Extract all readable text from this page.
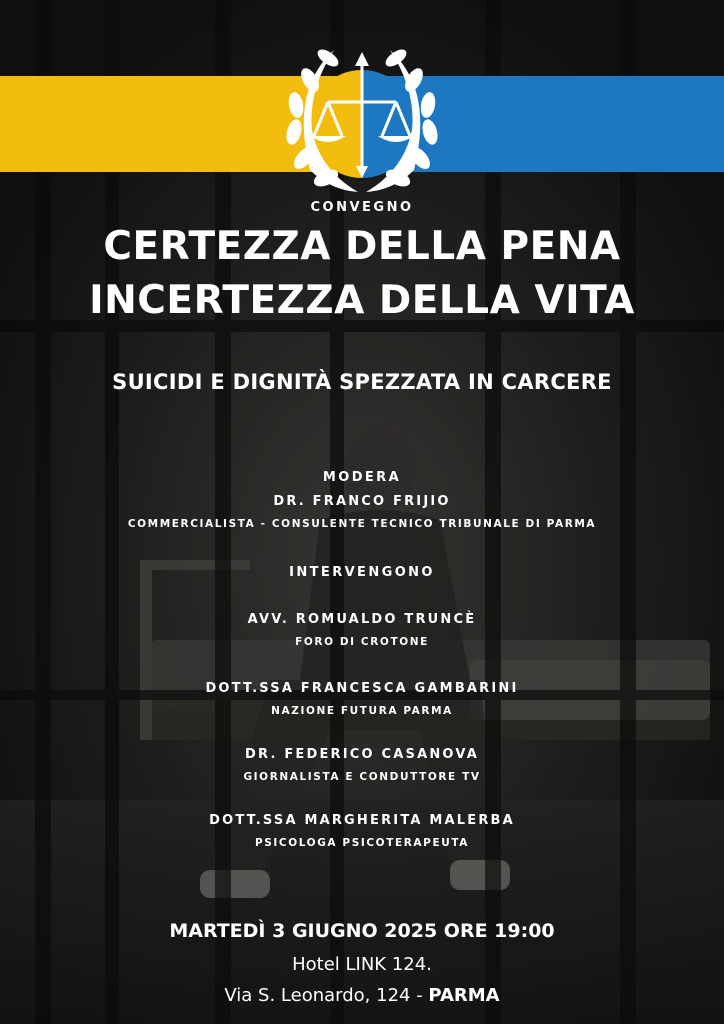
CONVEGNO
CERTEZZA DELLA PENA
INCERTEZZA DELLA VITA
SUICIDI E DIGNITÀ SPEZZATA IN CARCERE
MODERA
DR. FRANCO FRIJIO
COMMERCIALISTA - CONSULENTE TECNICO TRIBUNALE DI PARMA
INTERVENGONO
AVV. ROMUALDO TRUNCÈ
FORO DI CROTONE
DOTT.SSA FRANCESCA GAMBARINI
NAZIONE FUTURA PARMA
DR. FEDERICO CASANOVA
GIORNALISTA E CONDUTTORE TV
DOTT.SSA MARGHERITA MALERBA
PSICOLOGA PSICOTERAPEUTA
MARTEDÌ 3 GIUGNO 2025 ORE 19:00
Hotel LINK 124.
Via S. Leonardo, 124 - PARMA
